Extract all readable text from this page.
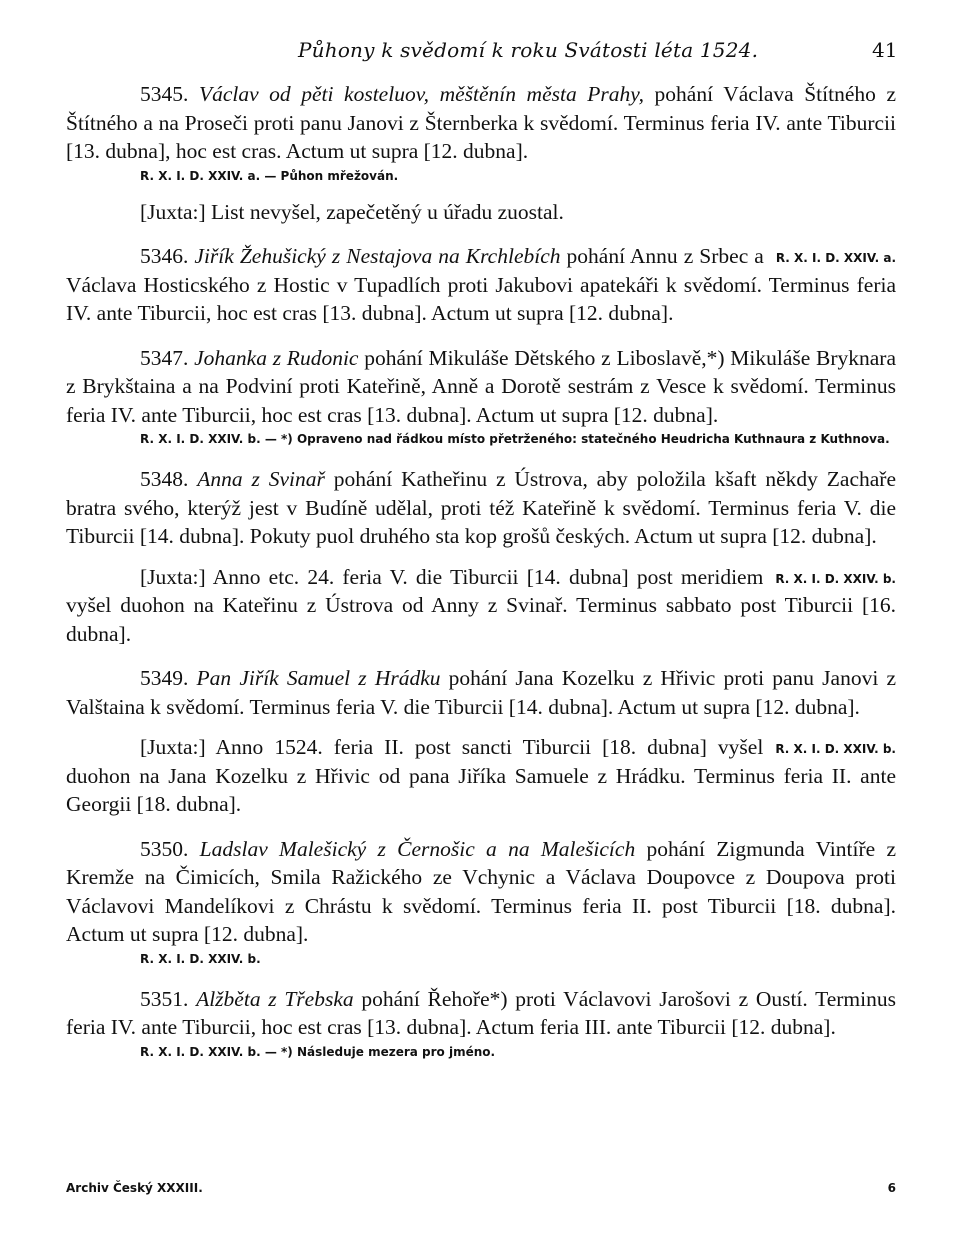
Půhony k svědomí k roku Svátosti léta 1524.	41

5345. Václav od pěti kosteluov, měštěnín města Prahy, pohání Václava Štítného z Štítného a na Proseči proti panu Janovi z Šternberka k svědomí. Terminus feria IV. ante Tiburcii [13. dubna], hoc est cras. Actum ut supra [12. dubna].

R. X. I. D. XXIV. a. — Půhon mřežován.

[Juxta:] List nevyšel, zapečetěný u úřadu zuostal.

R. X. I. D. XXIV. a.
5346. Jiřík Žehušický z Nestajova na Krchlebích pohání Annu z Srbec a Václava Hosticského z Hostic v Tupadlích proti Jakubovi apatekáři k svědomí. Terminus feria IV. ante Tiburcii, hoc est cras [13. dubna]. Actum ut supra [12. dubna].

5347. Johanka z Rudonic pohání Mikuláše Dětského z Liboslavě,*) Mikuláše Bryknara z Brykštaina a na Podviní proti Kateřině, Anně a Dorotě sestrám z Vesce k svědomí. Terminus feria IV. ante Tiburcii, hoc est cras [13. dubna]. Actum ut supra [12. dubna].

R. X. I. D. XXIV. b. — *) Opraveno nad řádkou místo přetrženého: statečného Heudricha Kuthnaura z Kuthnova.

5348. Anna z Svinař pohání Katheřinu z Ústrova, aby položila kšaft někdy Zachaře bratra svého, kterýž jest v Budíně udělal, proti též Kateřině k svědomí. Terminus feria V. die Tiburcii [14. dubna]. Pokuty puol druhého sta kop grošů českých. Actum ut supra [12. dubna].

R. X. I. D. XXIV. b.
[Juxta:] Anno etc. 24. feria V. die Tiburcii [14. dubna] post meridiem vyšel duohon na Kateřinu z Ústrova od Anny z Svinař. Terminus sabbato post Tiburcii [16. dubna].

5349. Pan Jiřík Samuel z Hrádku pohání Jana Kozelku z Hřivic proti panu Janovi z Valštaina k svědomí. Terminus feria V. die Tiburcii [14. dubna]. Actum ut supra [12. dubna].

R. X. I. D. XXIV. b.
[Juxta:] Anno 1524. feria II. post sancti Tiburcii [18. dubna] vyšel duohon na Jana Kozelku z Hřivic od pana Jiříka Samuele z Hrádku. Terminus feria II. ante Georgii [18. dubna].

5350. Ladslav Malešický z Černošic a na Malešicích pohání Zigmunda Vintíře z Kremže na Čimicích, Smila Ražického ze Vchynic a Václava Doupovce z Doupova proti Václavovi Mandelíkovi z Chrástu k svědomí. Terminus feria II. post Tiburcii [18. dubna]. Actum ut supra [12. dubna].

R. X. I. D. XXIV. b.

5351. Alžběta z Třebska pohání Řehoře*) proti Václavovi Jarošovi z Oustí. Terminus feria IV. ante Tiburcii, hoc est cras [13. dubna]. Actum feria III. ante Tiburcii [12. dubna].

R. X. I. D. XXIV. b. — *) Následuje mezera pro jméno.

Archiv Český XXXIII.	6
